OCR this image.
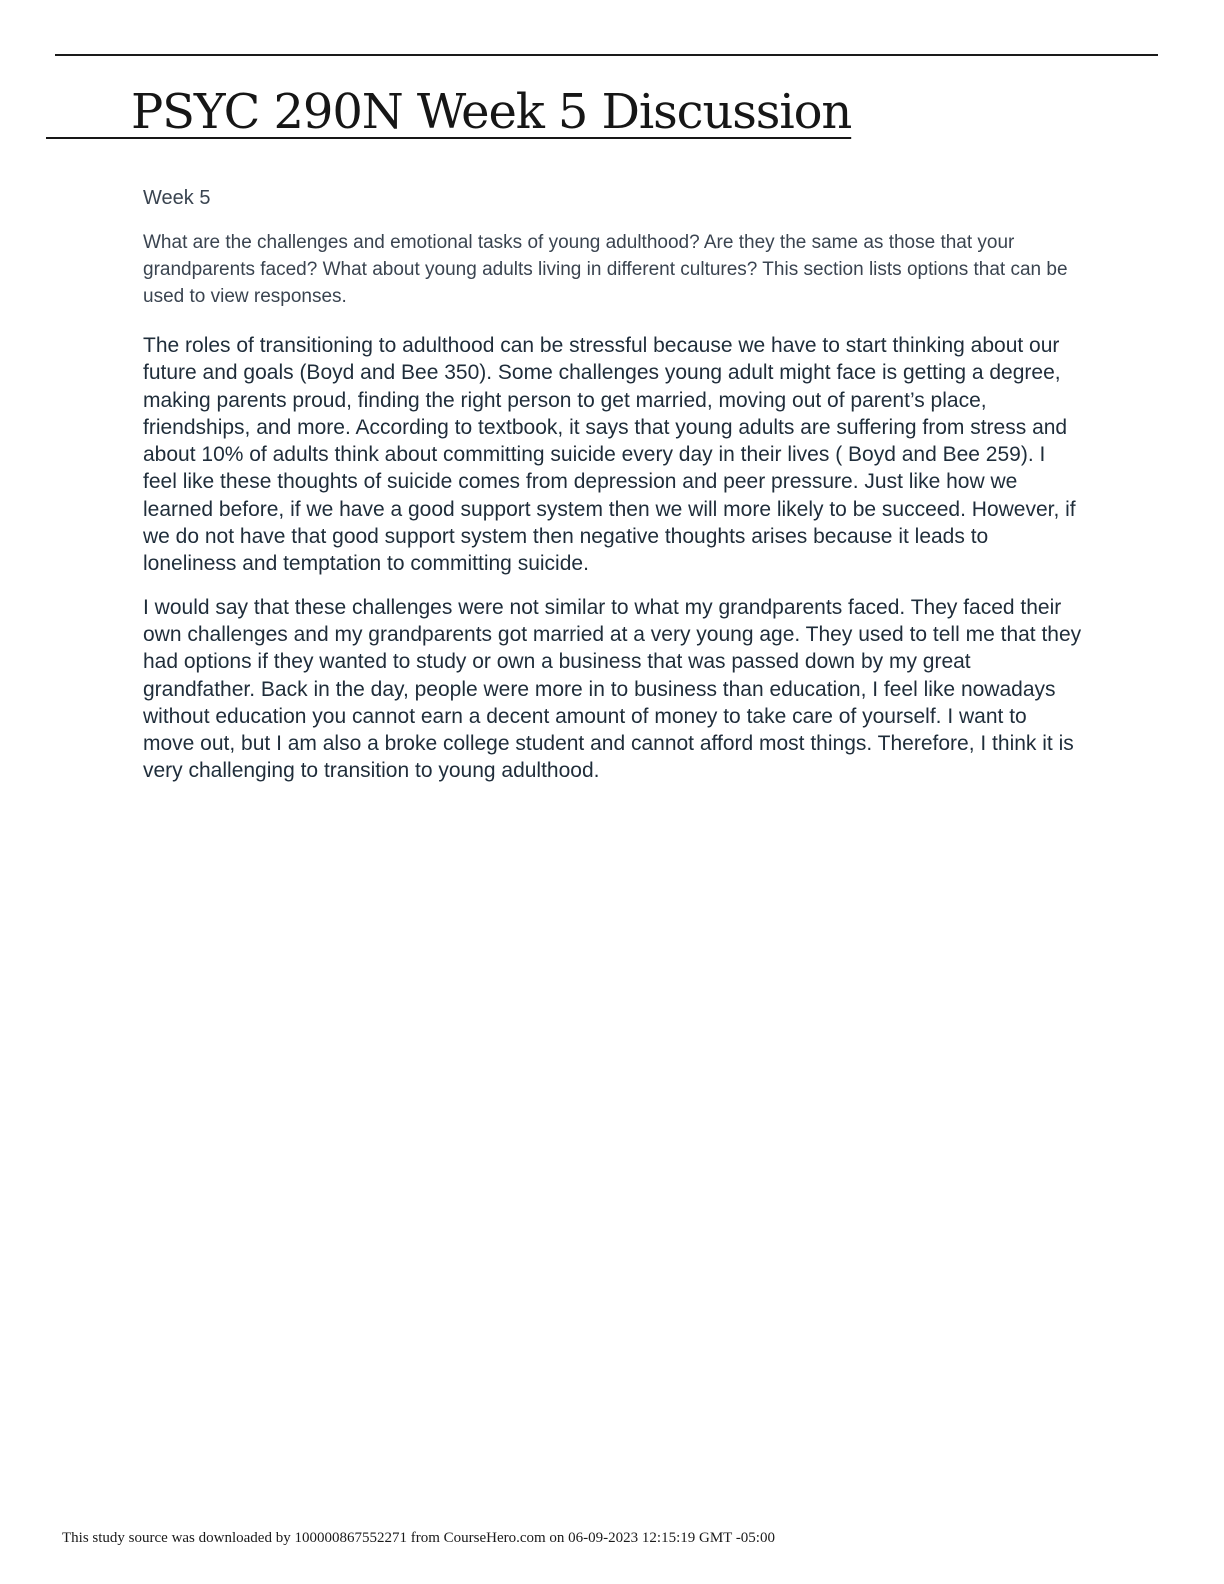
PSYC 290N Week 5 Discussion

Week 5

What are the challenges and emotional tasks of young adulthood? Are they the same as those that your grandparents faced? What about young adults living in different cultures? This section lists options that can be used to view responses.

The roles of transitioning to adulthood can be stressful because we have to start thinking about our future and goals (Boyd and Bee 350). Some challenges young adult might face is getting a degree, making parents proud, finding the right person to get married, moving out of parent’s place, friendships, and more. According to textbook, it says that young adults are suffering from stress and about 10% of adults think about committing suicide every day in their lives ( Boyd and Bee 259). I feel like these thoughts of suicide comes from depression and peer pressure. Just like how we learned before, if we have a good support system then we will more likely to be succeed. However, if we do not have that good support system then negative thoughts arises because it leads to loneliness and temptation to committing suicide.

I would say that these challenges were not similar to what my grandparents faced. They faced their own challenges and my grandparents got married at a very young age. They used to tell me that they had options if they wanted to study or own a business that was passed down by my great grandfather. Back in the day, people were more in to business than education, I feel like nowadays without education you cannot earn a decent amount of money to take care of yourself. I want to move out, but I am also a broke college student and cannot afford most things. Therefore, I think it is very challenging to transition to young adulthood.

This study source was downloaded by 100000867552271 from CourseHero.com on 06-09-2023 12:15:19 GMT -05:00
